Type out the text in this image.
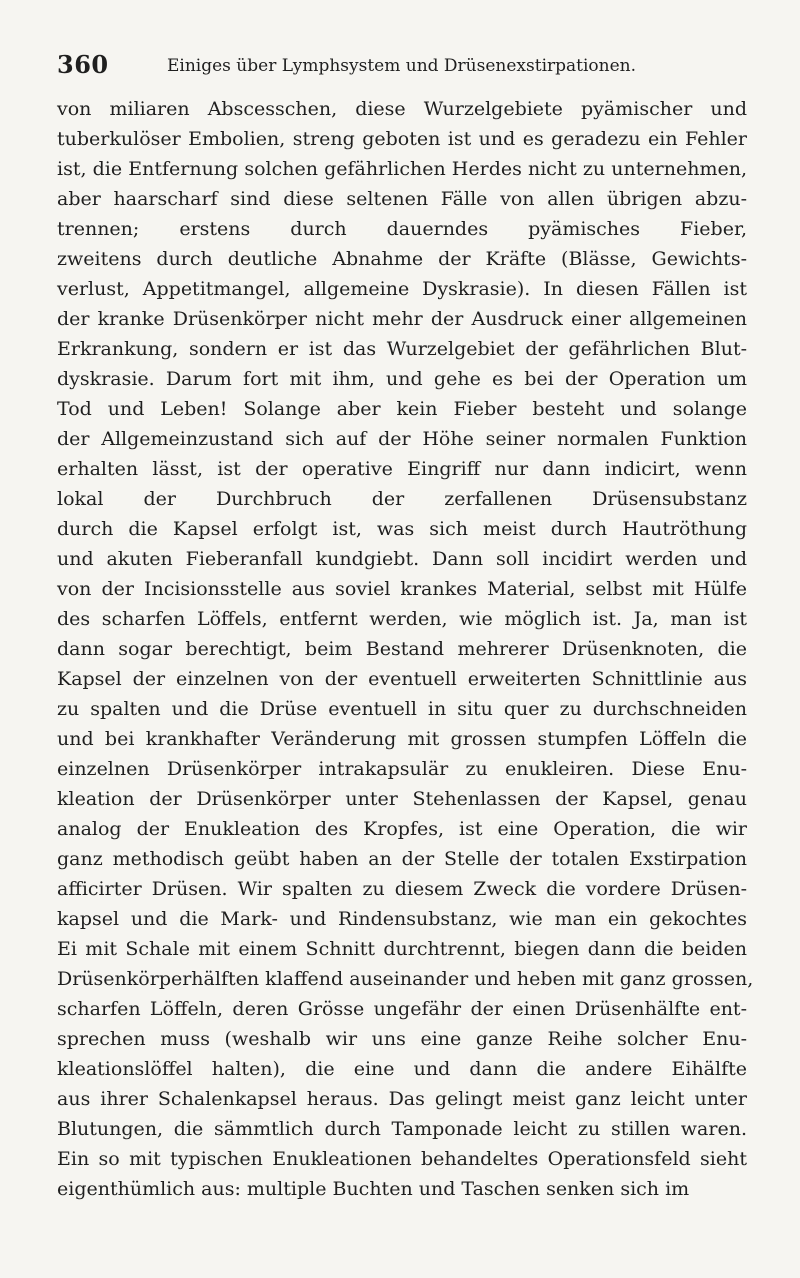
360	Einiges über Lymphsystem und Drüsenexstirpationen.
von miliaren Abscesschen, diese Wurzelgebiete pyämischer und
tuberkulöser Embolien, streng geboten ist und es geradezu ein Fehler
ist, die Entfernung solchen gefährlichen Herdes nicht zu unternehmen,
aber haarscharf sind diese seltenen Fälle von allen übrigen abzu-
trennen; erstens durch dauerndes pyämisches Fieber,
zweitens durch deutliche Abnahme der Kräfte (Blässe, Gewichts-
verlust, Appetitmangel, allgemeine Dyskrasie). In diesen Fällen ist
der kranke Drüsenkörper nicht mehr der Ausdruck einer allgemeinen
Erkrankung, sondern er ist das Wurzelgebiet der gefährlichen Blut-
dyskrasie. Darum fort mit ihm, und gehe es bei der Operation um
Tod und Leben! Solange aber kein Fieber besteht und solange
der Allgemeinzustand sich auf der Höhe seiner normalen Funktion
erhalten lässt, ist der operative Eingriff nur dann indicirt, wenn
lokal der Durchbruch der zerfallenen Drüsensubstanz
durch die Kapsel erfolgt ist, was sich meist durch Hautröthung
und akuten Fieberanfall kundgiebt. Dann soll incidirt werden und
von der Incisionsstelle aus soviel krankes Material, selbst mit Hülfe
des scharfen Löffels, entfernt werden, wie möglich ist. Ja, man ist
dann sogar berechtigt, beim Bestand mehrerer Drüsenknoten, die
Kapsel der einzelnen von der eventuell erweiterten Schnittlinie aus
zu spalten und die Drüse eventuell in situ quer zu durchschneiden
und bei krankhafter Veränderung mit grossen stumpfen Löffeln die
einzelnen Drüsenkörper intrakapsulär zu enukleiren. Diese Enu-
kleation der Drüsenkörper unter Stehenlassen der Kapsel, genau
analog der Enukleation des Kropfes, ist eine Operation, die wir
ganz methodisch geübt haben an der Stelle der totalen Exstirpation
afficirter Drüsen. Wir spalten zu diesem Zweck die vordere Drüsen-
kapsel und die Mark- und Rindensubstanz, wie man ein gekochtes
Ei mit Schale mit einem Schnitt durchtrennt, biegen dann die beiden
Drüsenkörperhälften klaffend auseinander und heben mit ganz grossen,
scharfen Löffeln, deren Grösse ungefähr der einen Drüsenhälfte ent-
sprechen muss (weshalb wir uns eine ganze Reihe solcher Enu-
kleationslöffel halten), die eine und dann die andere Eihälfte
aus ihrer Schalenkapsel heraus. Das gelingt meist ganz leicht unter
Blutungen, die sämmtlich durch Tamponade leicht zu stillen waren.
Ein so mit typischen Enukleationen behandeltes Operationsfeld sieht
eigenthümlich aus: multiple Buchten und Taschen senken sich im
